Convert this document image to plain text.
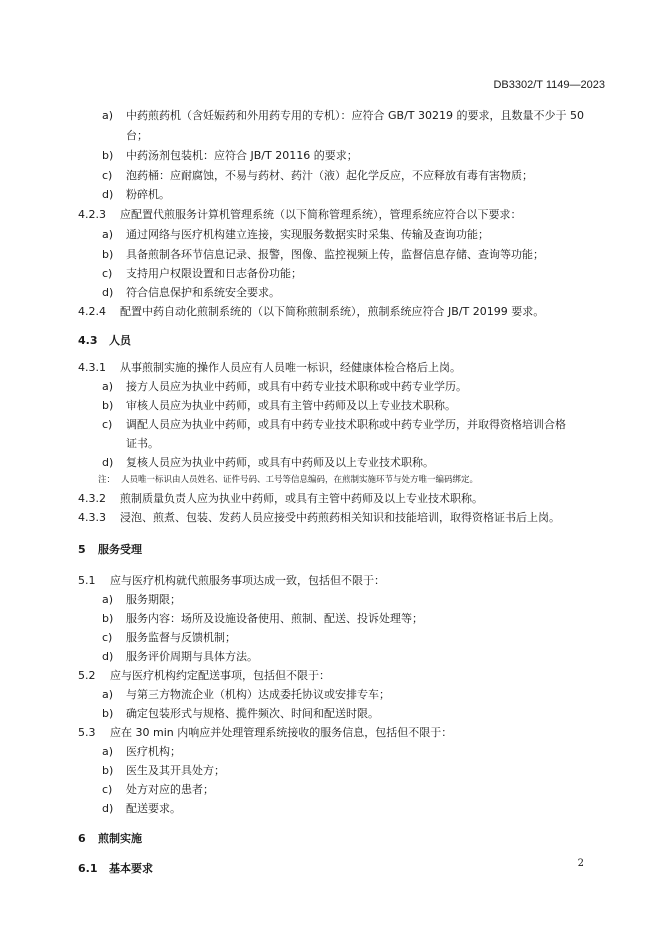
DB3302/T 1149—2023
a) 中药煎药机（含妊娠药和外用药专用的专机）：应符合 GB/T 30219 的要求，且数量不少于 50
台；
b) 中药汤剂包装机：应符合 JB/T 20116 的要求；
c) 泡药桶：应耐腐蚀，不易与药材、药汁（液）起化学反应，不应释放有毒有害物质；
d) 粉碎机。
4.2.3 应配置代煎服务计算机管理系统（以下简称管理系统），管理系统应符合以下要求：
a) 通过网络与医疗机构建立连接，实现服务数据实时采集、传输及查询功能；
b) 具备煎制各环节信息记录、报警，图像、监控视频上传，监督信息存储、查询等功能；
c) 支持用户权限设置和日志备份功能；
d) 符合信息保护和系统安全要求。
4.2.4 配置中药自动化煎制系统的（以下简称煎制系统），煎制系统应符合 JB/T 20199 要求。
4.3 人员
4.3.1 从事煎制实施的操作人员应有人员唯一标识，经健康体检合格后上岗。
a) 接方人员应为执业中药师，或具有中药专业技术职称或中药专业学历。
b) 审核人员应为执业中药师，或具有主管中药师及以上专业技术职称。
c) 调配人员应为执业中药师，或具有中药专业技术职称或中药专业学历，并取得资格培训合格
证书。
d) 复核人员应为执业中药师，或具有中药师及以上专业技术职称。
注： 人员唯一标识由人员姓名、证件号码、工号等信息编码，在煎制实施环节与处方唯一编码绑定。
4.3.2 煎制质量负责人应为执业中药师，或具有主管中药师及以上专业技术职称。
4.3.3 浸泡、煎煮、包装、发药人员应接受中药煎药相关知识和技能培训，取得资格证书后上岗。
5 服务受理
5.1 应与医疗机构就代煎服务事项达成一致，包括但不限于：
a) 服务期限；
b) 服务内容：场所及设施设备使用、煎制、配送、投诉处理等；
c) 服务监督与反馈机制；
d) 服务评价周期与具体方法。
5.2 应与医疗机构约定配送事项，包括但不限于：
a) 与第三方物流企业（机构）达成委托协议或安排专车；
b) 确定包装形式与规格、揽件频次、时间和配送时限。
5.3 应在 30 min 内响应并处理管理系统接收的服务信息，包括但不限于：
a) 医疗机构；
b) 医生及其开具处方；
c) 处方对应的患者；
d) 配送要求。
6 煎制实施
6.1 基本要求	2
